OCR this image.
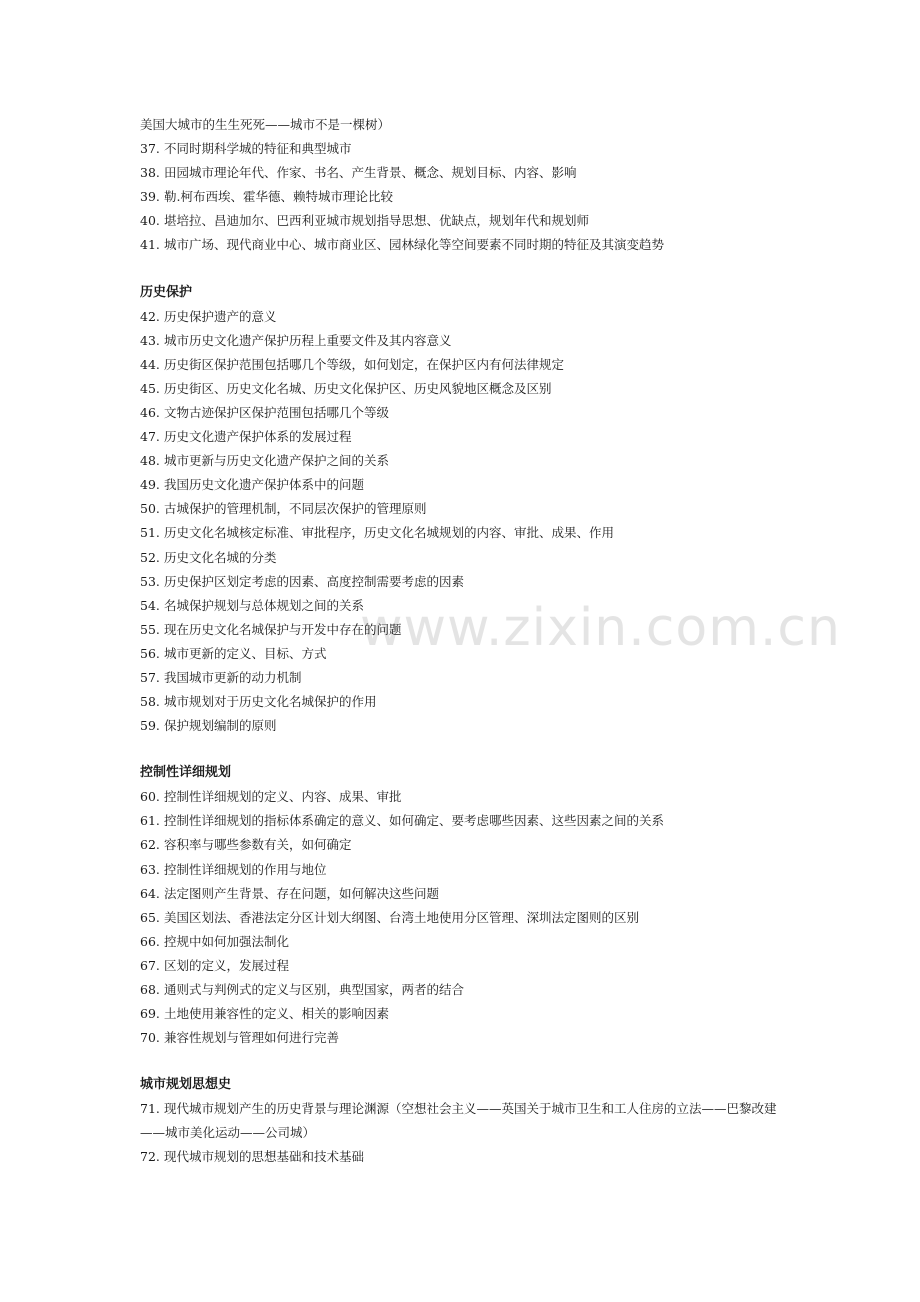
www.zixin.com.cn
美国大城市的生生死死——城市不是一棵树）
37. 不同时期科学城的特征和典型城市
38. 田园城市理论年代、作家、书名、产生背景、概念、规划目标、内容、影响
39. 勒.柯布西埃、霍华德、赖特城市理论比较
40. 堪培拉、昌迪加尔、巴西利亚城市规划指导思想、优缺点，规划年代和规划师
41. 城市广场、现代商业中心、城市商业区、园林绿化等空间要素不同时期的特征及其演变趋势
历史保护
42. 历史保护遗产的意义
43. 城市历史文化遗产保护历程上重要文件及其内容意义
44. 历史街区保护范围包括哪几个等级，如何划定，在保护区内有何法律规定
45. 历史街区、历史文化名城、历史文化保护区、历史风貌地区概念及区别
46. 文物古迹保护区保护范围包括哪几个等级
47. 历史文化遗产保护体系的发展过程
48. 城市更新与历史文化遗产保护之间的关系
49. 我国历史文化遗产保护体系中的问题
50. 古城保护的管理机制，不同层次保护的管理原则
51. 历史文化名城核定标准、审批程序，历史文化名城规划的内容、审批、成果、作用
52. 历史文化名城的分类
53. 历史保护区划定考虑的因素、高度控制需要考虑的因素
54. 名城保护规划与总体规划之间的关系
55. 现在历史文化名城保护与开发中存在的问题
56. 城市更新的定义、目标、方式
57. 我国城市更新的动力机制
58. 城市规划对于历史文化名城保护的作用
59. 保护规划编制的原则
控制性详细规划
60. 控制性详细规划的定义、内容、成果、审批
61. 控制性详细规划的指标体系确定的意义、如何确定、要考虑哪些因素、这些因素之间的关系
62. 容积率与哪些参数有关，如何确定
63. 控制性详细规划的作用与地位
64. 法定图则产生背景、存在问题，如何解决这些问题
65. 美国区划法、香港法定分区计划大纲图、台湾土地使用分区管理、深圳法定图则的区别
66. 控规中如何加强法制化
67. 区划的定义，发展过程
68. 通则式与判例式的定义与区别，典型国家，两者的结合
69. 土地使用兼容性的定义、相关的影响因素
70. 兼容性规划与管理如何进行完善
城市规划思想史
71. 现代城市规划产生的历史背景与理论渊源（空想社会主义——英国关于城市卫生和工人住房的立法——巴黎改建——城市美化运动——公司城）
72. 现代城市规划的思想基础和技术基础
